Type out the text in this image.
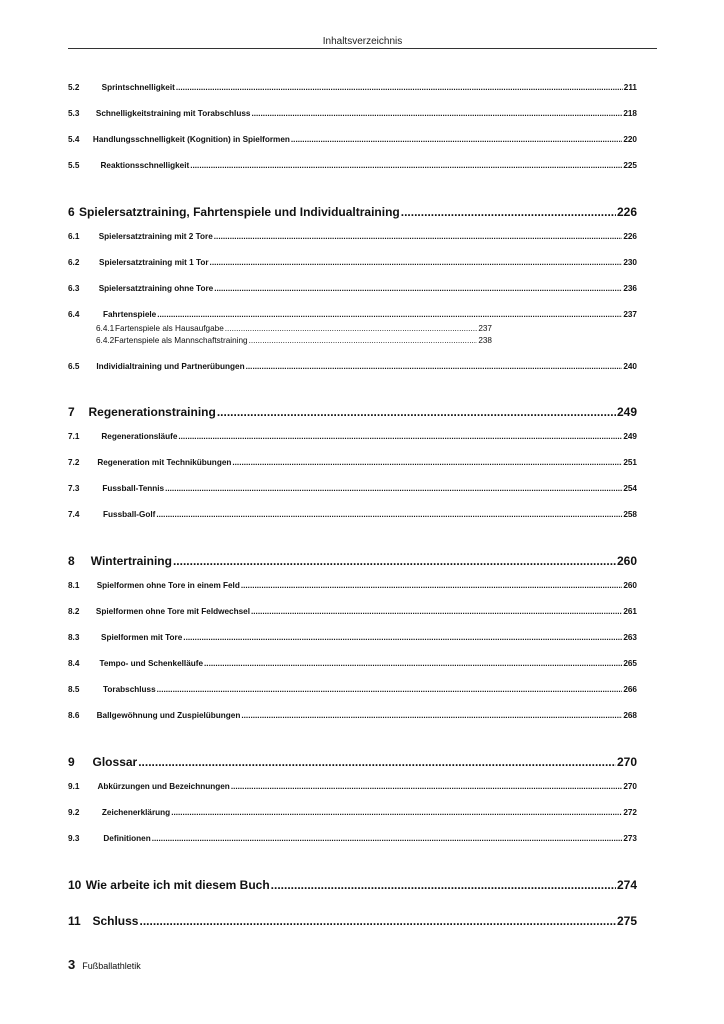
Inhaltsverzeichnis
5.2	Sprintschnelligkeit .....	211
5.3	Schnelligkeitstraining mit Torabschluss .....	218
5.4	Handlungsschnelligkeit (Kognition) in Spielformen .....	220
5.5	Reaktionsschnelligkeit .....	225
6 Spielersatztraining, Fahrtenspiele und Individualtraining .....	226
6.1	Spielersatztraining mit 2 Tore .....	226
6.2	Spielersatztraining mit 1 Tor .....	230
6.3	Spielersatztraining ohne Tore .....	236
6.4	Fahrtenspiele .....	237
6.4.1 Fartenspiele als Hausaufgabe .....	237
6.4.2 Fartenspiele als Mannschaftstraining .....	238
6.5	Individialtraining und Partnerübungen .....	240
7	Regenerationstraining .....	249
7.1	Regenerationsläufe .....	249
7.2	Regeneration mit Technikübungen .....	251
7.3	Fussball-Tennis .....	254
7.4	Fussball-Golf .....	258
8	Wintertraining .....	260
8.1	Spielformen ohne Tore in einem Feld .....	260
8.2	Spielformen ohne Tore mit Feldwechsel .....	261
8.3	Spielformen mit Tore .....	263
8.4	Tempo- und Schenkelläufe .....	265
8.5	Torabschluss .....	266
8.6	Ballgewöhnung und Zuspielübungen .....	268
9	Glossar .....	270
9.1	Abkürzungen und Bezeichnungen .....	270
9.2	Zeichenerklärung .....	272
9.3	Definitionen .....	273
10 Wie arbeite ich mit diesem Buch .....	274
11 Schluss .....	275
3 Fußballathletik
